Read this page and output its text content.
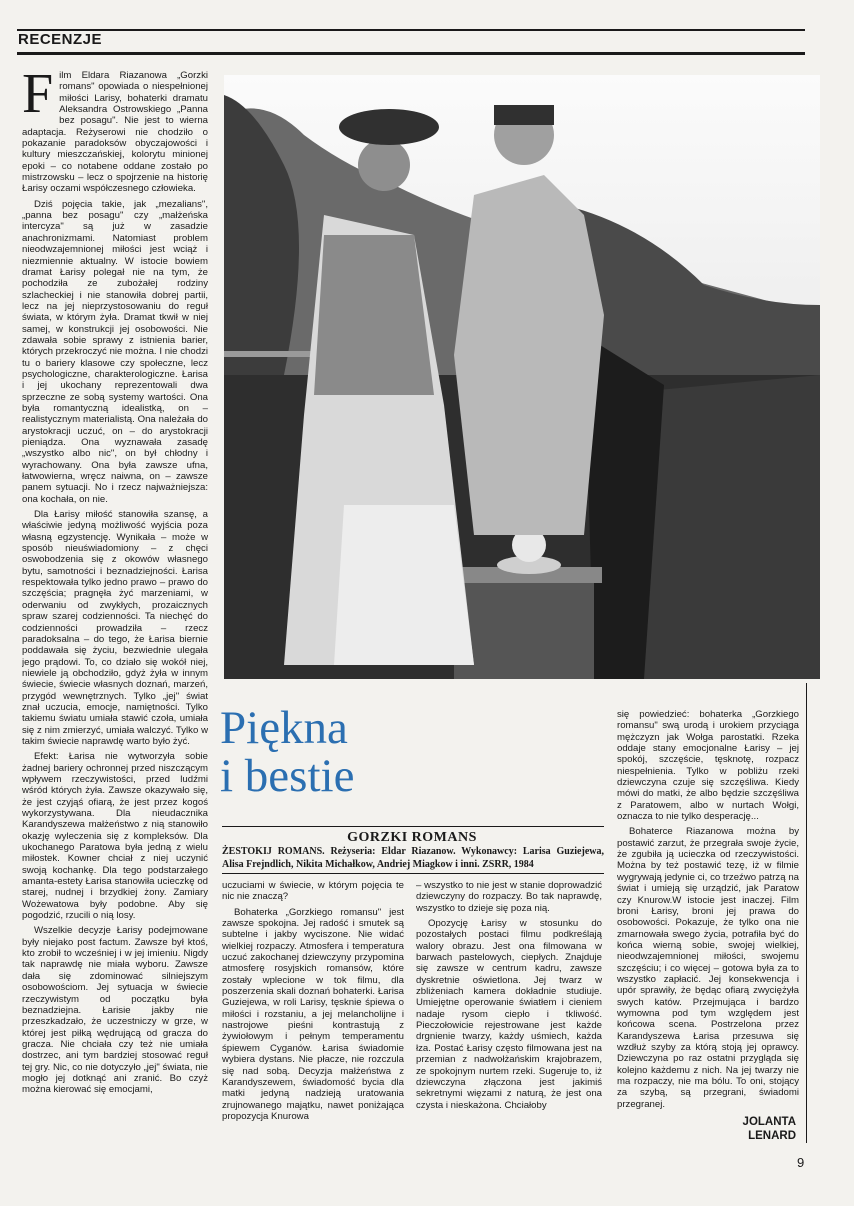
RECENZJE

Film Eldara Riazanowa „Gorzki romans" opowiada o niespełnionej miłości Larisy, bohaterki dramatu Aleksandra Ostrowskiego „Panna bez posagu". Nie jest to wierna adaptacja. Reżyserowi nie chodziło o pokazanie paradoksów obyczajowości i kultury mieszczańskiej, kolorytu minionej epoki – co notabene oddane zostało po mistrzowsku – lecz o spojrzenie na historię Łarisy oczami współczesnego człowieka.

Dziś pojęcia takie, jak „mezalians", „panna bez posagu" czy „małżeńska intercyza" są już w zasadzie anachronizmami. Natomiast problem nieodwzajemnionej miłości jest wciąż i niezmiennie aktualny. W istocie bowiem dramat Łarisy polegał nie na tym, że pochodziła ze zubożałej rodziny szlacheckiej i nie stanowiła dobrej partii, lecz na jej nieprzystosowaniu do reguł świata, w którym żyła. Dramat tkwił w niej samej, w konstrukcji jej osobowości. Nie zdawała sobie sprawy z istnienia barier, których przekroczyć nie można. I nie chodzi tu o bariery klasowe czy społeczne, lecz psychologiczne, charakterologiczne. Łarisa i jej ukochany reprezentowali dwa sprzeczne ze sobą systemy wartości. Ona była romantyczną idealistką, on – realistycznym materialistą. Ona należała do arystokracji uczuć, on – do arystokracji pieniądza. Ona wyznawała zasadę „wszystko albo nic", on był chłodny i wyrachowany. Ona była zawsze ufna, łatwowierna, wręcz naiwna, on – zawsze panem sytuacji. No i rzecz najważniejsza: ona kochała, on nie.

Dla Łarisy miłość stanowiła szansę, a właściwie jedyną możliwość wyjścia poza własną egzystencję. Wynikała – może w sposób nieuświadomiony – z chęci oswobodzenia się z okowów własnego bytu, samotności i beznadziejności. Łarisa respektowała tylko jedno prawo – prawo do szczęścia; pragnęła żyć marzeniami, w oderwaniu od zwykłych, prozaicznych spraw szarej codzienności. Ta niechęć do codzienności prowadziła – rzecz paradoksalna – do tego, że Łarisa biernie poddawała się życiu, bezwiednie ulegała jego prądowi. To, co działo się wokół niej, niewiele ją obchodziło, gdyż żyła w innym świecie, świecie własnych doznań, marzeń, przygód wewnętrznych. Tylko „jej" świat znał uczucia, emocje, namiętności. Tylko takiemu światu umiała stawić czoła, umiała się z nim zmierzyć, umiała walczyć. Tylko w takim świecie naprawdę warto było żyć.

Efekt: Łarisa nie wytworzyła sobie żadnej bariery ochronnej przed niszczącym wpływem rzeczywistości, przed ludźmi wśród których żyła. Zawsze okazywało się, że jest czyjąś ofiarą, że jest przez kogoś wykorzystywana. Dla nieudacznika Karandyszewa małżeństwo z nią stanowiło okazję wyleczenia się z kompleksów. Dla ukochanego Paratowa była jedną z wielu miłostek. Kowner chciał z niej uczynić swoją kochankę. Dla tego podstarzałego amanta-estety Łarisa stanowiła ucieczkę od starej, nudnej i brzydkiej żony. Zamiary Wożewatowa były podobne. Aby się pogodzić, rzucili o nią losy.

Wszelkie decyzje Łarisy podejmowane były niejako post factum. Zawsze był ktoś, kto zrobił to wcześniej i w jej imieniu. Nigdy tak naprawdę nie miała wyboru. Zawsze dała się zdominować silniejszym osobowościom. Jej sytuacja w świecie rzeczywistym od początku była beznadziejna. Łarisie jakby nie przeszkadzało, że uczestniczy w grze, w której jest piłką wędrującą od gracza do gracza. Nie chciała czy też nie umiała dostrzec, ani tym bardziej stosować reguł tej gry. Nic, co nie dotyczyło „jej" świata, nie mogło jej dotknąć ani zranić. Bo czyż można kierować się emocjami,

Piękna
i bestie
GORZKI ROMANS
ŻESTOKIJ ROMANS. Reżyseria: Eldar Riazanow. Wykonawcy: Larisa Guziejewa, Alisa Frejndlich, Nikita Michałkow, Andriej Miagkow i inni. ZSRR, 1984

uczuciami w świecie, w którym pojęcia te nic nie znaczą?

Bohaterka „Gorzkiego romansu" jest zawsze spokojna. Jej radość i smutek są subtelne i jakby wyciszone. Nie widać wielkiej rozpaczy. Atmosfera i temperatura uczuć zakochanej dziewczyny przypomina atmosferę rosyjskich romansów, które zostały wplecione w tok filmu, dla poszerzenia skali doznań bohaterki. Łarisa Guziejewa, w roli Larisy, tęsknie śpiewa o miłości i rozstaniu, a jej melancholijne i nastrojowe pieśni kontrastują z żywiołowym i pełnym temperamentu śpiewem Cyganów. Łarisa świadomie wybiera dystans. Nie płacze, nie rozczula się nad sobą. Decyzja małżeństwa z Karandyszewem, świadomość bycia dla matki jedyną nadzieją uratowania zrujnowanego majątku, nawet poniżająca propozycja Knurowa

– wszystko to nie jest w stanie doprowadzić dziewczyny do rozpaczy. Bo tak naprawdę, wszystko to dzieje się poza nią.

Opozycję Łarisy w stosunku do pozostałych postaci filmu podkreślają walory obrazu. Jest ona filmowana w barwach pastelowych, ciepłych. Znajduje się zawsze w centrum kadru, zawsze dyskretnie oświetlona. Jej twarz w zbliżeniach kamera dokładnie studiuje. Umiejętne operowanie światłem i cieniem nadaje rysom ciepło i tkliwość. Pieczołowicie rejestrowane jest każde drgnienie twarzy, każdy uśmiech, każda łza. Postać Łarisy często filmowana jest na przemian z nadwołżańskim krajobrazem, ze spokojnym nurtem rzeki. Sugeruje to, iż dziewczyna złączona jest jakimiś sekretnymi więzami z naturą, że jest ona czysta i nieskażona. Chciałoby

się powiedzieć: bohaterka „Gorzkiego romansu" swą urodą i urokiem przyciąga mężczyzn jak Wołga parostatki. Rzeka oddaje stany emocjonalne Łarisy – jej spokój, szczęście, tęsknotę, rozpacz niespełnienia. Tylko w pobliżu rzeki dziewczyna czuje się szczęśliwa. Kiedy mówi do matki, że albo będzie szczęśliwa z Paratowem, albo w nurtach Wołgi, oznacza to nie tylko desperację...

Bohaterce Riazanowa można by postawić zarzut, że przegrała swoje życie, że zgubiła ją ucieczka od rzeczywistości. Można by też postawić tezę, iż w filmie wygrywają jedynie ci, co trzeźwo patrzą na świat i umieją się urządzić, jak Paratow czy Knurow.W istocie jest inaczej. Film broni Łarisy, broni jej prawa do osobowości. Pokazuje, że tylko ona nie zmarnowała swego życia, potrafiła być do końca wierną sobie, swojej wielkiej, nieodwzajemnionej miłości, swojemu szczęściu; i co więcej – gotowa była za to wszystko zapłacić. Jej konsekwencja i upór sprawiły, że będąc ofiarą zwyciężyła swych katów. Przejmująca i bardzo wymowna pod tym względem jest końcowa scena. Postrzelona przez Karandyszewa Łarisa przesuwa się wzdłuż szyby za którą stoją jej oprawcy. Dziewczyna po raz ostatni przygląda się kolejno każdemu z nich. Na jej twarzy nie ma rozpaczy, nie ma bólu. To oni, stojący za szybą, są przegrani, świadomi przegranej.

JOLANTA
LENARD
9
